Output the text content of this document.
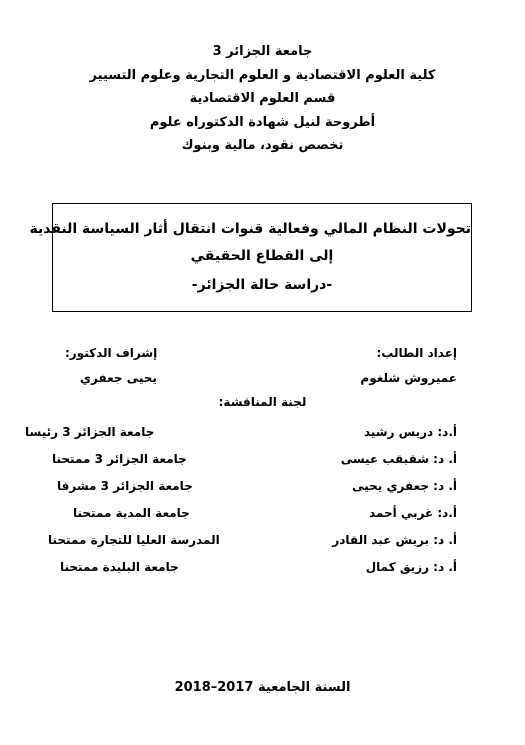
جامعة الجزائر 3
كلية العلوم الاقتصادية و العلوم التجارية وعلوم التسيير
قسم العلوم الاقتصادية
أطروحة لنيل شهادة الدكتوراه علوم
تخصص نقود، مالية وبنوك
تحولات النظام المالي وفعالية قنوات انتقال أثار السياسة النقدية
إلى القطاع الحقيقي
-دراسة حالة الجزائر-
إعداد الطالب:
إشراف الدكتور:
عميروش شلغوم
يحيى جعفري
لجنة المناقشة:
أ.د: دريس رشيد
جامعة الجزائر 3 رئيسا
أ. د: شقبقب عيسى
جامعة الجزائر 3 ممتحنا
أ. د: جعفري يحيى
جامعة الجزائر 3 مشرفا
أ.د: غربي أحمد
جامعة المدية ممتحنا
أ. د: بريش عبد القادر
المدرسة العليا للتجارة ممتحنا
أ. د: رزيق كمال
جامعة البليدة ممتحنا
السنة الجامعية 2017–2018
